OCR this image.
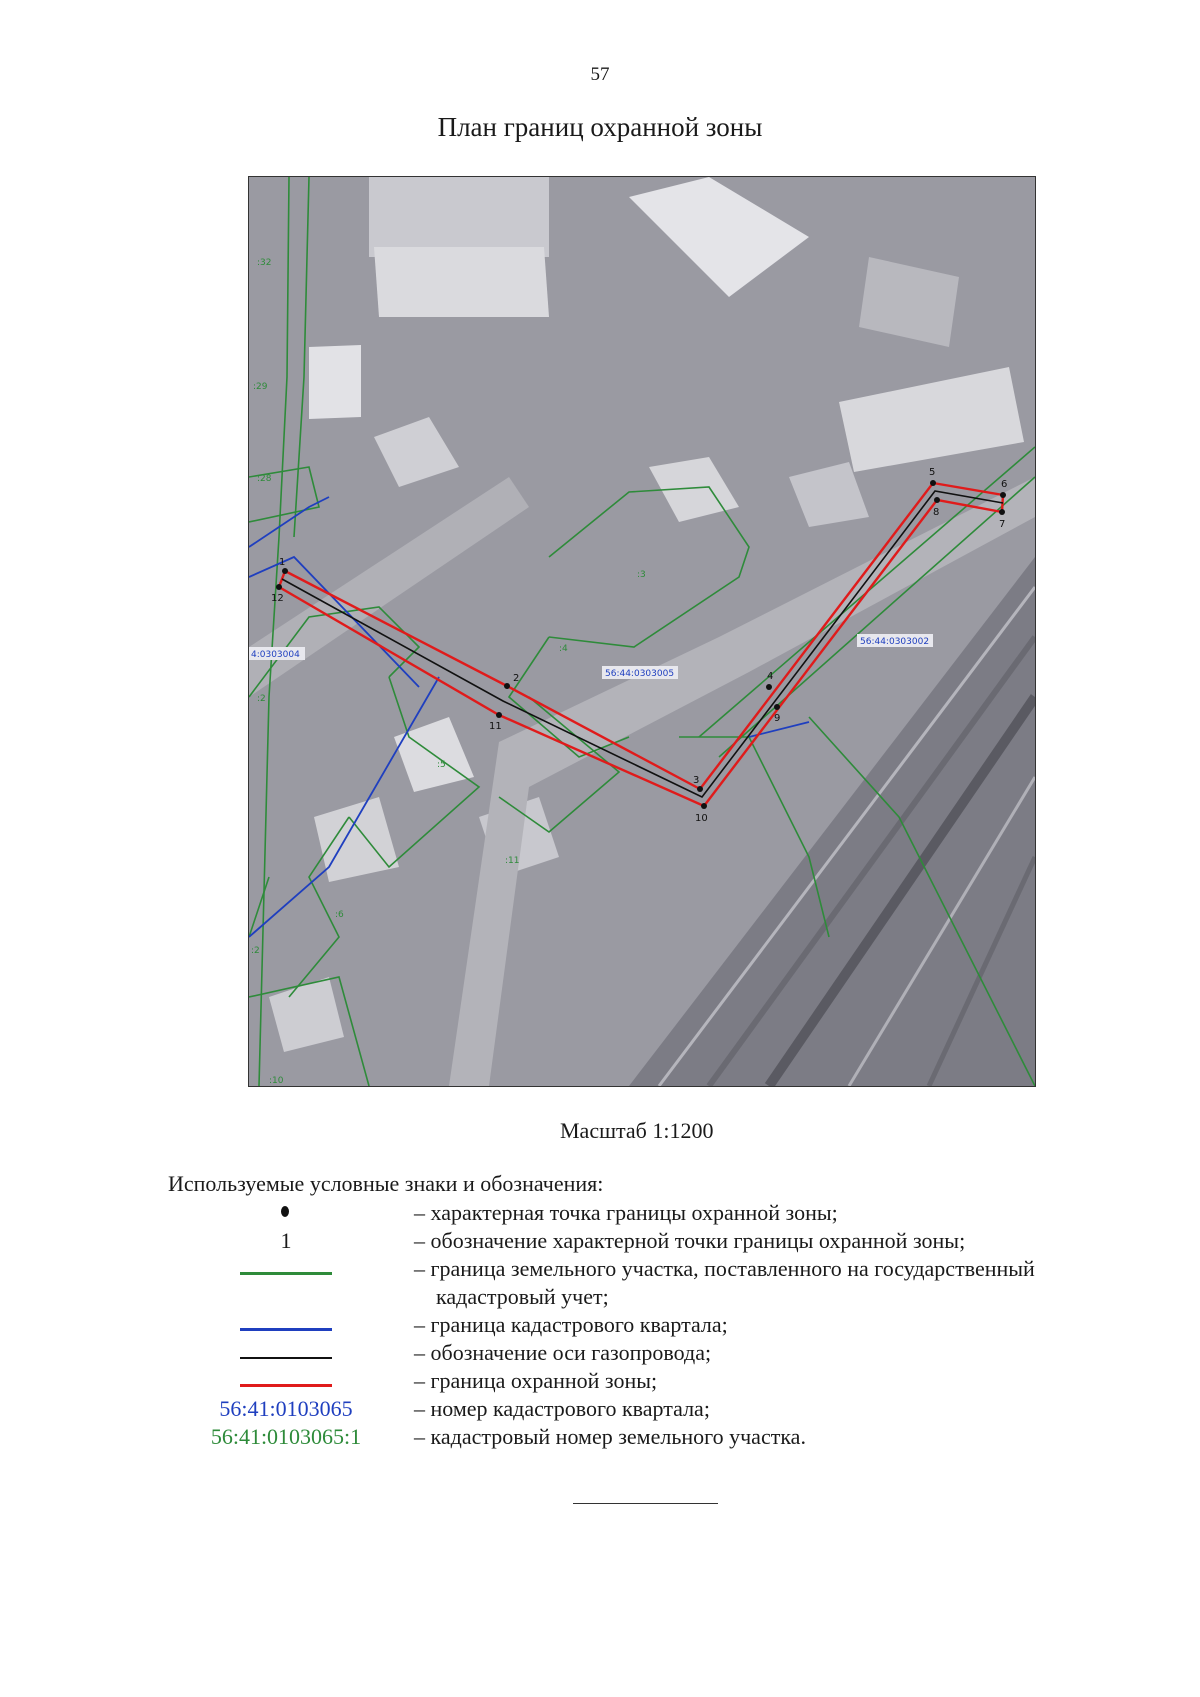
57
План границ охранной зоны
1
2
3
4
5
6
7
8
9
10
11
12
56:44:0303005
56:44:0303002
4:0303004
:32
:29
:28
:3
:4
:5
:11
:6
:2
:2
:10
Масштаб 1:1200
Используемые условные знаки и обозначения:
– характерная точка границы охранной зоны;
1	– обозначение характерной точки границы охранной зоны;
– граница земельного участка, поставленного на государственный
кадастровый учет;
– граница кадастрового квартала;
– обозначение оси газопровода;
– граница охранной зоны;
56:41:0103065	– номер кадастрового квартала;
56:41:0103065:1	– кадастровый номер земельного участка.
